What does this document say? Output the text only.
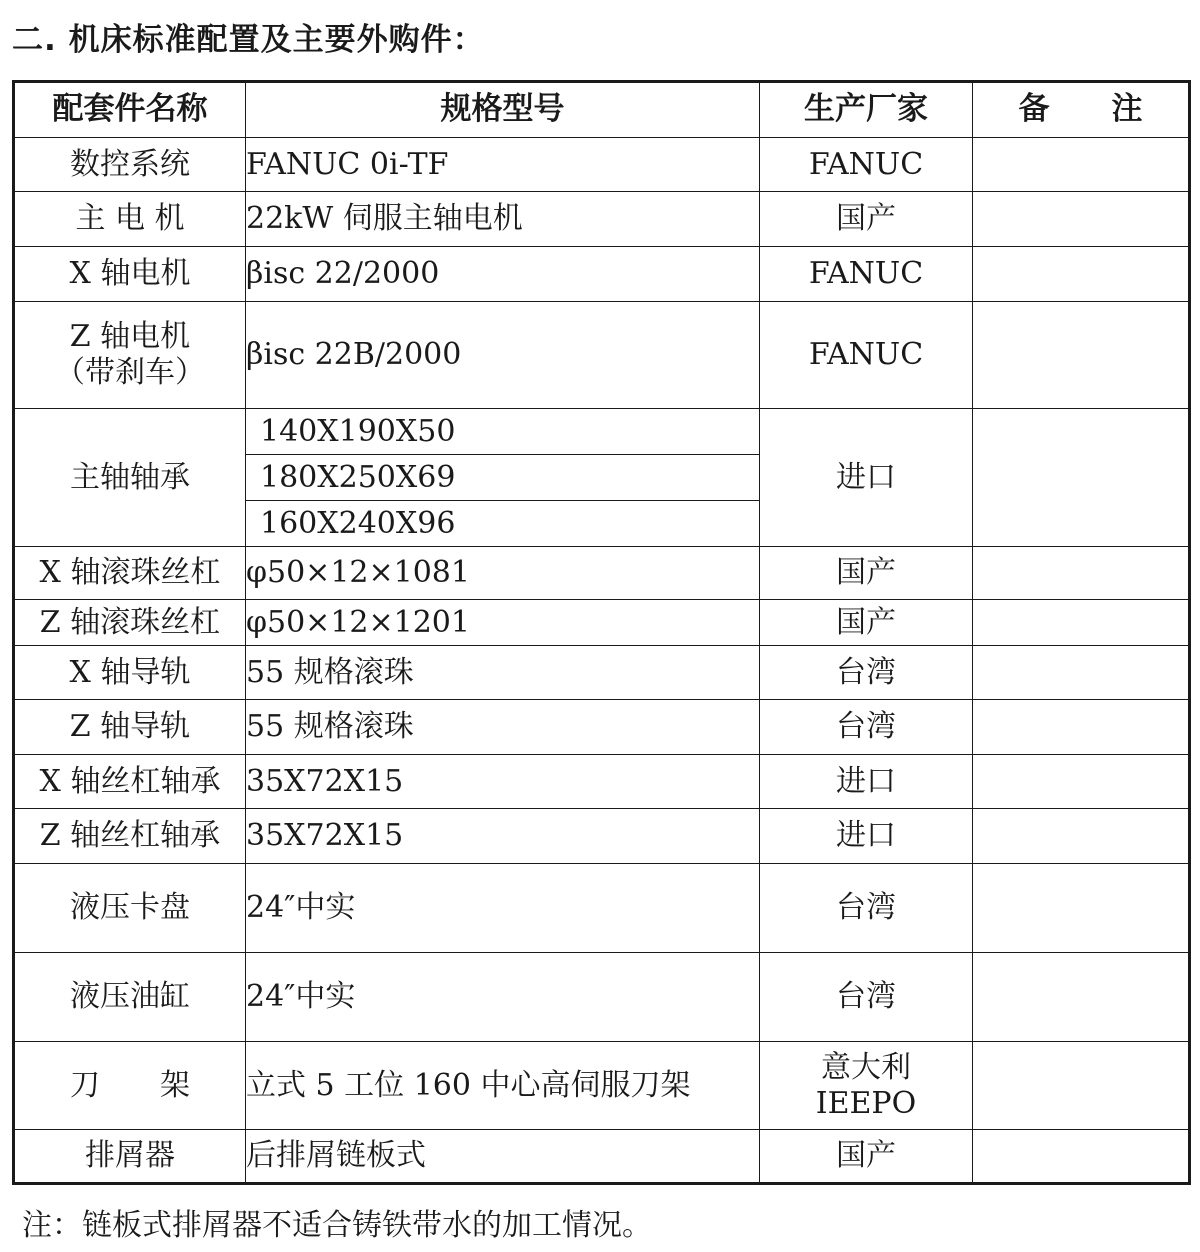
二. 机床标准配置及主要外购件：
配套件名称	规格型号	生产厂家	备　　注
数控系统	FANUC 0i-TF	FANUC	
主 电 机	22kW 伺服主轴电机	国产	
X 轴电机	βisc 22/2000	FANUC	
Z 轴电机
（带刹车）	βisc 22B/2000	FANUC	
主轴轴承	140X190X50
180X250X69
160X240X96	进口	
X 轴滚珠丝杠	φ50×12×1081	国产	
Z 轴滚珠丝杠	φ50×12×1201	国产	
X 轴导轨	55 规格滚珠	台湾	
Z 轴导轨	55 规格滚珠	台湾	
X 轴丝杠轴承	35X72X15	进口	
Z 轴丝杠轴承	35X72X15	进口	
液压卡盘	24″中实	台湾	
液压油缸	24″中实	台湾	
刀　　架	立式 5 工位 160 中心高伺服刀架	意大利
IEEPO	
排屑器	后排屑链板式	国产	
注：链板式排屑器不适合铸铁带水的加工情况。
